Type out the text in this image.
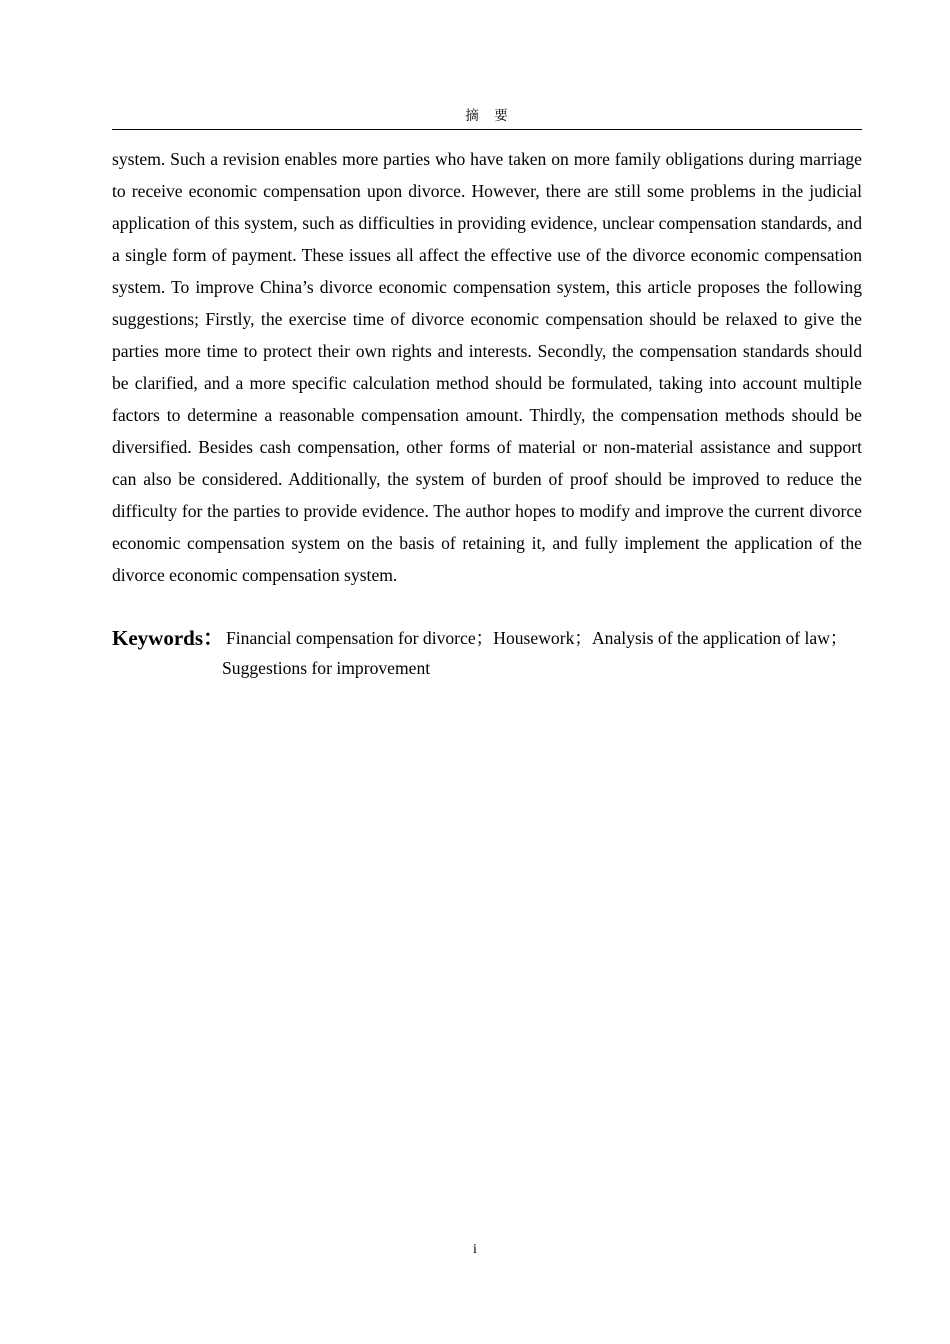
摘　要

system. Such a revision enables more parties who have taken on more family obligations during marriage to receive economic compensation upon divorce. However, there are still some problems in the judicial application of this system, such as difficulties in providing evidence, unclear compensation standards, and a single form of payment. These issues all affect the effective use of the divorce economic compensation system. To improve China’s divorce economic compensation system, this article proposes the following suggestions; Firstly, the exercise time of divorce economic compensation should be relaxed to give the parties more time to protect their own rights and interests. Secondly, the compensation standards should be clarified, and a more specific calculation method should be formulated, taking into account multiple factors to determine a reasonable compensation amount. Thirdly, the compensation methods should be diversified. Besides cash compensation, other forms of material or non-material assistance and support can also be considered. Additionally, the system of burden of proof should be improved to reduce the difficulty for the parties to provide evidence. The author hopes to modify and improve the current divorce economic compensation system on the basis of retaining it, and fully implement the application of the divorce economic compensation system.

Keywords： Financial compensation for divorce；Housework；Analysis of the application of law；
Suggestions for improvement
i
